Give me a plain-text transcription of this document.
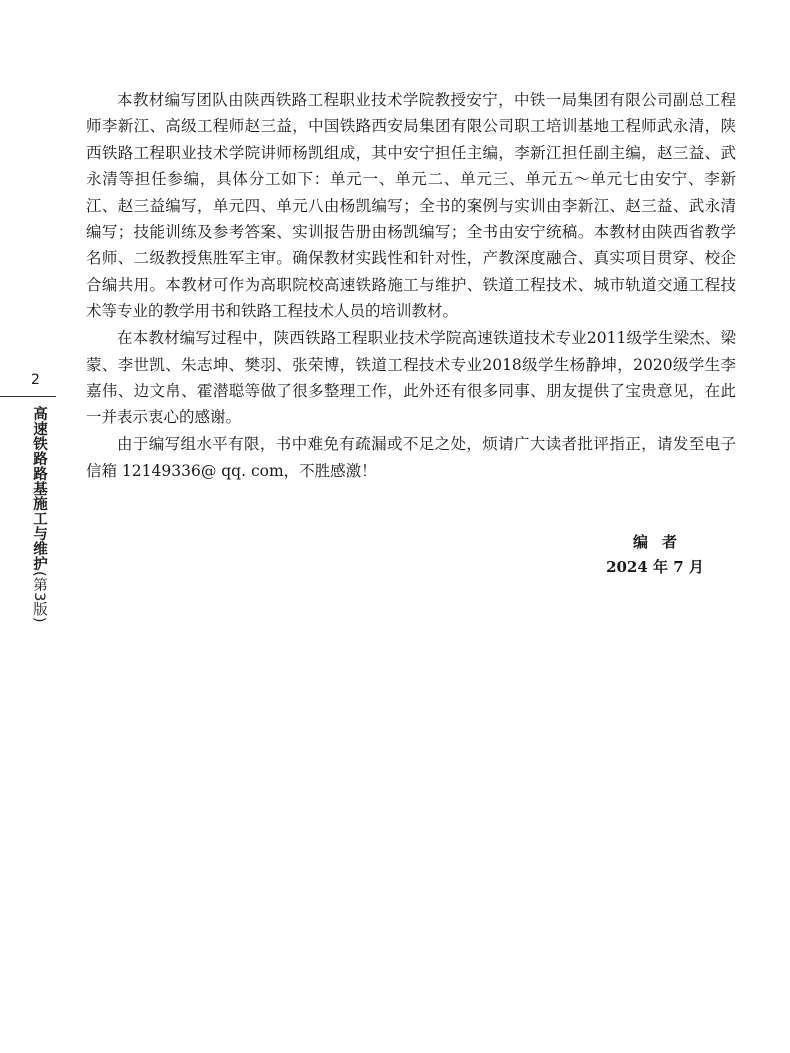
2
高速铁路路基施工与维护(第3版)

本教材编写团队由陕西铁路工程职业技术学院教授安宁，中铁一局集团有限公司副总工程师李新江、高级工程师赵三益，中国铁路西安局集团有限公司职工培训基地工程师武永清，陕西铁路工程职业技术学院讲师杨凯组成，其中安宁担任主编，李新江担任副主编，赵三益、武永清等担任参编，具体分工如下：单元一、单元二、单元三、单元五～单元七由安宁、李新江、赵三益编写，单元四、单元八由杨凯编写；全书的案例与实训由李新江、赵三益、武永清编写；技能训练及参考答案、实训报告册由杨凯编写；全书由安宁统稿。本教材由陕西省教学名师、二级教授焦胜军主审。确保教材实践性和针对性，产教深度融合、真实项目贯穿、校企合编共用。本教材可作为高职院校高速铁路施工与维护、铁道工程技术、城市轨道交通工程技术等专业的教学用书和铁路工程技术人员的培训教材。

在本教材编写过程中，陕西铁路工程职业技术学院高速铁道技术专业2011级学生梁杰、梁蒙、李世凯、朱志坤、樊羽、张荣博，铁道工程技术专业2018级学生杨静坤，2020级学生李嘉伟、边文帛、霍潜聪等做了很多整理工作，此外还有很多同事、朋友提供了宝贵意见，在此一并表示衷心的感谢。

由于编写组水平有限，书中难免有疏漏或不足之处，烦请广大读者批评指正，请发至电子信箱 12149336@ qq. com，不胜感激！

编者
2024 年 7 月
